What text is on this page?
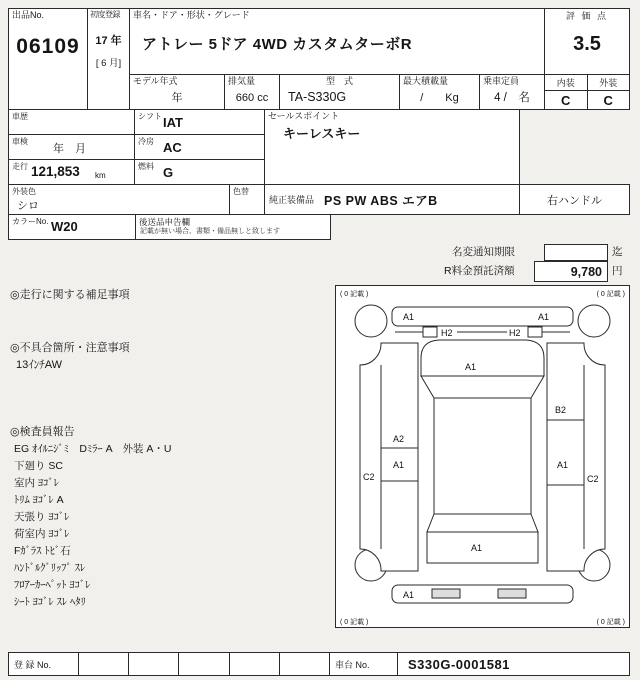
出品No.
06109
初度登録
17 年
[ 6 月]
車名・ドア・形状・グレード
アトレー 5ドア 4WD カスタムターボR
評 価 点
3.5
モデル年式
年
排気量
660 cc
型　式
TA-S330G
最大積載量
/　　Kg
乗車定員
4 /　名
内装
C
外装
C
車歴	シフト IAT	セールスポイント
キーレスキー
車検
年　月
冷房 AC
走行 121,853 km
燃料 G
外装色
シロ
色替
純正装備品 PS PW ABS エアB	右ハンドル
カラーNo. W20	後送品申告欄
記載が無い場合、書類・備品無しと致します
名変通知期限	迄
R料金預託済額	9,780 円
◎走行に関する補足事項
◎不具合箇所・注意事項
13ｲﾝﾁAW
◎検査員報告
EG ｵｲﾙﾆｼﾞﾐ　Dﾐﾗｰ A　外装 A・U
下廻り SC
室内 ﾖｺﾞﾚ
ﾄﾘﾑ ﾖｺﾞﾚ A
天張り ﾖｺﾞﾚ
荷室内 ﾖｺﾞﾚ
Fｶﾞﾗｽ ﾄﾋﾞ石
ﾊﾝﾄﾞﾙｸﾞﾘｯﾌﾟ ｽﾚ
ﾌﾛｱｰｶｰﾍﾟｯﾄ ﾖｺﾞﾚ
ｼｰﾄ ﾖｺﾞﾚ ｽﾚ ﾍﾀﾘ
( 0 記載 )	( 0 記載 )
( 0 記載 )	( 0 記載 )
A1	A1
H2	H2
A1
A1
A1
A2
A1
C2
B2
A1
C2
登 録 No.	車台 No.	S330G-0001581
